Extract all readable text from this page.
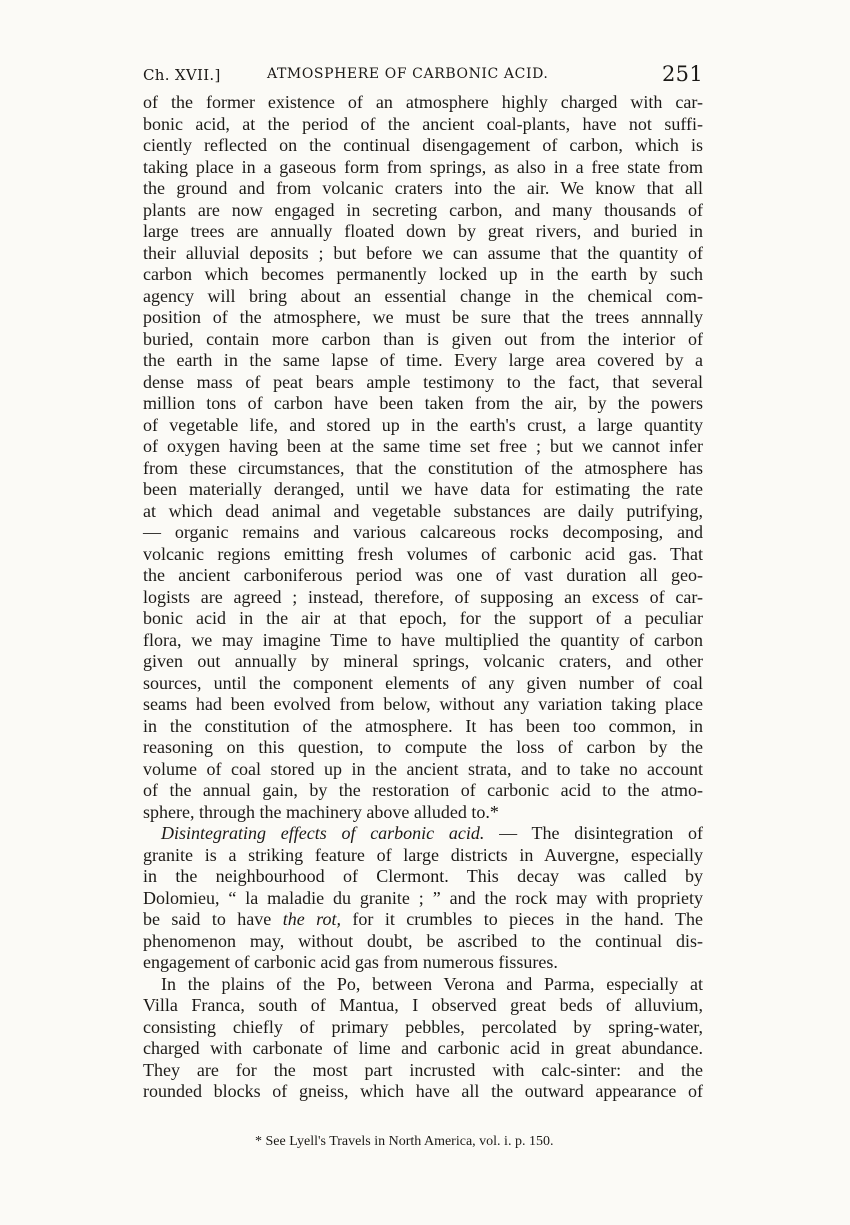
Ch. XVII.]	ATMOSPHERE OF CARBONIC ACID.	251
of the former existence of an atmosphere highly charged with car-
bonic acid, at the period of the ancient coal-plants, have not suffi-
ciently reflected on the continual disengagement of carbon, which is
taking place in a gaseous form from springs, as also in a free state from
the ground and from volcanic craters into the air. We know that all
plants are now engaged in secreting carbon, and many thousands of
large trees are annually floated down by great rivers, and buried in
their alluvial deposits ; but before we can assume that the quantity of
carbon which becomes permanently locked up in the earth by such
agency will bring about an essential change in the chemical com-
position of the atmosphere, we must be sure that the trees annnally
buried, contain more carbon than is given out from the interior of
the earth in the same lapse of time. Every large area covered by a
dense mass of peat bears ample testimony to the fact, that several
million tons of carbon have been taken from the air, by the powers
of vegetable life, and stored up in the earth's crust, a large quantity
of oxygen having been at the same time set free ; but we cannot infer
from these circumstances, that the constitution of the atmosphere has
been materially deranged, until we have data for estimating the rate
at which dead animal and vegetable substances are daily putrifying,
— organic remains and various calcareous rocks decomposing, and
volcanic regions emitting fresh volumes of carbonic acid gas. That
the ancient carboniferous period was one of vast duration all geo-
logists are agreed ; instead, therefore, of supposing an excess of car-
bonic acid in the air at that epoch, for the support of a peculiar
flora, we may imagine Time to have multiplied the quantity of carbon
given out annually by mineral springs, volcanic craters, and other
sources, until the component elements of any given number of coal
seams had been evolved from below, without any variation taking place
in the constitution of the atmosphere. It has been too common, in
reasoning on this question, to compute the loss of carbon by the
volume of coal stored up in the ancient strata, and to take no account
of the annual gain, by the restoration of carbonic acid to the atmo-
sphere, through the machinery above alluded to.*
Disintegrating effects of carbonic acid. — The disintegration of
granite is a striking feature of large districts in Auvergne, especially
in the neighbourhood of Clermont. This decay was called by
Dolomieu, “ la maladie du granite ; ” and the rock may with propriety
be said to have the rot, for it crumbles to pieces in the hand. The
phenomenon may, without doubt, be ascribed to the continual dis-
engagement of carbonic acid gas from numerous fissures.
In the plains of the Po, between Verona and Parma, especially at
Villa Franca, south of Mantua, I observed great beds of alluvium,
consisting chiefly of primary pebbles, percolated by spring-water,
charged with carbonate of lime and carbonic acid in great abundance.
They are for the most part incrusted with calc-sinter: and the
rounded blocks of gneiss, which have all the outward appearance of
* See Lyell's Travels in North America, vol. i. p. 150.
